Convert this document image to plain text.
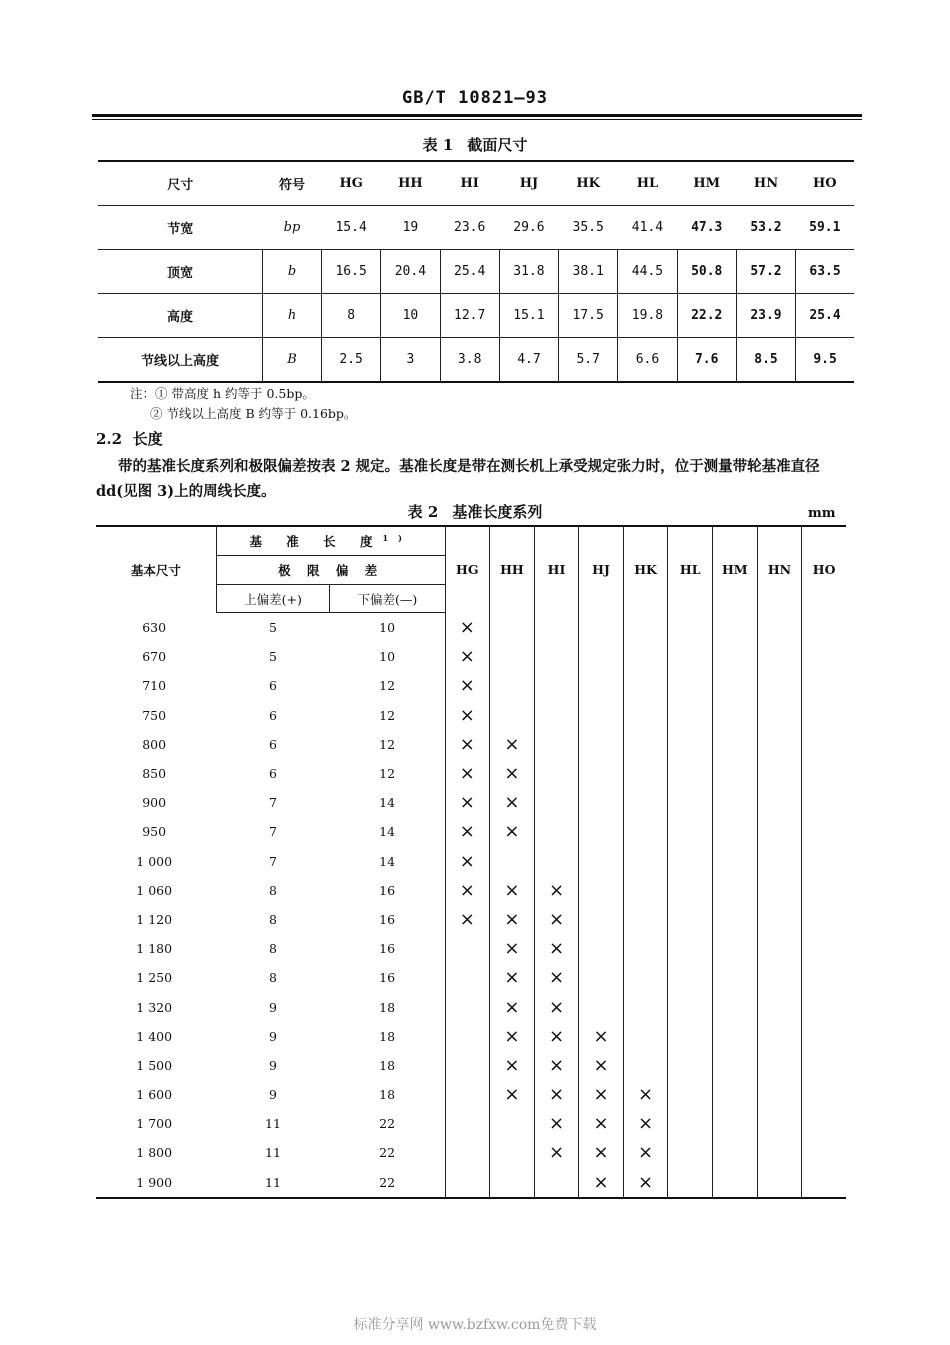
GB/T 10821—93
表 1 截面尺寸
尺寸	符号	HG	HH	HI	HJ	HK	HL	HM	HN	HO
节宽	bp	15.4	19	23.6	29.6	35.5	41.4	47.3	53.2	59.1
顶宽	b	16.5	20.4	25.4	31.8	38.1	44.5	50.8	57.2	63.5
高度	h	8	10	12.7	15.1	17.5	19.8	22.2	23.9	25.4
节线以上高度	B	2.5	3	3.8	4.7	5.7	6.6	7.6	8.5	9.5
注：① 带高度 h 约等于 0.5bp。
② 节线以上高度 B 约等于 0.16bp。
2.2 长度
带的基准长度系列和极限偏差按表 2 规定。基准长度是带在测长机上承受规定张力时，位于测量带轮基准直径 dd(见图 3)上的周线长度。
表 2 基准长度系列	mm
基本尺寸	基 准 长 度$^{1)}$		HG	HH	HI	HJ	HK	HL	HM	HN	HO
	极 限 偏 差										
	上偏差(+)	下偏差(—)									
630	5	10	×								
670	5	10	×								
710	6	12	×								
750	6	12	×								
800	6	12	×	×							
850	6	12	×	×							
900	7	14	×	×							
950	7	14	×	×							
1 000	7	14	×								
1 060	8	16	×	×	×						
1 120	8	16	×	×	×						
1 180	8	16		×	×						
1 250	8	16		×	×						
1 320	9	18		×	×						
1 400	9	18		×	×	×					
1 500	9	18		×	×	×					
1 600	9	18		×	×	×	×				
1 700	11	22			×	×	×				
1 800	11	22			×	×	×				
1 900	11	22				×	×				
标准分享网 www.bzfxw.com免费下载
